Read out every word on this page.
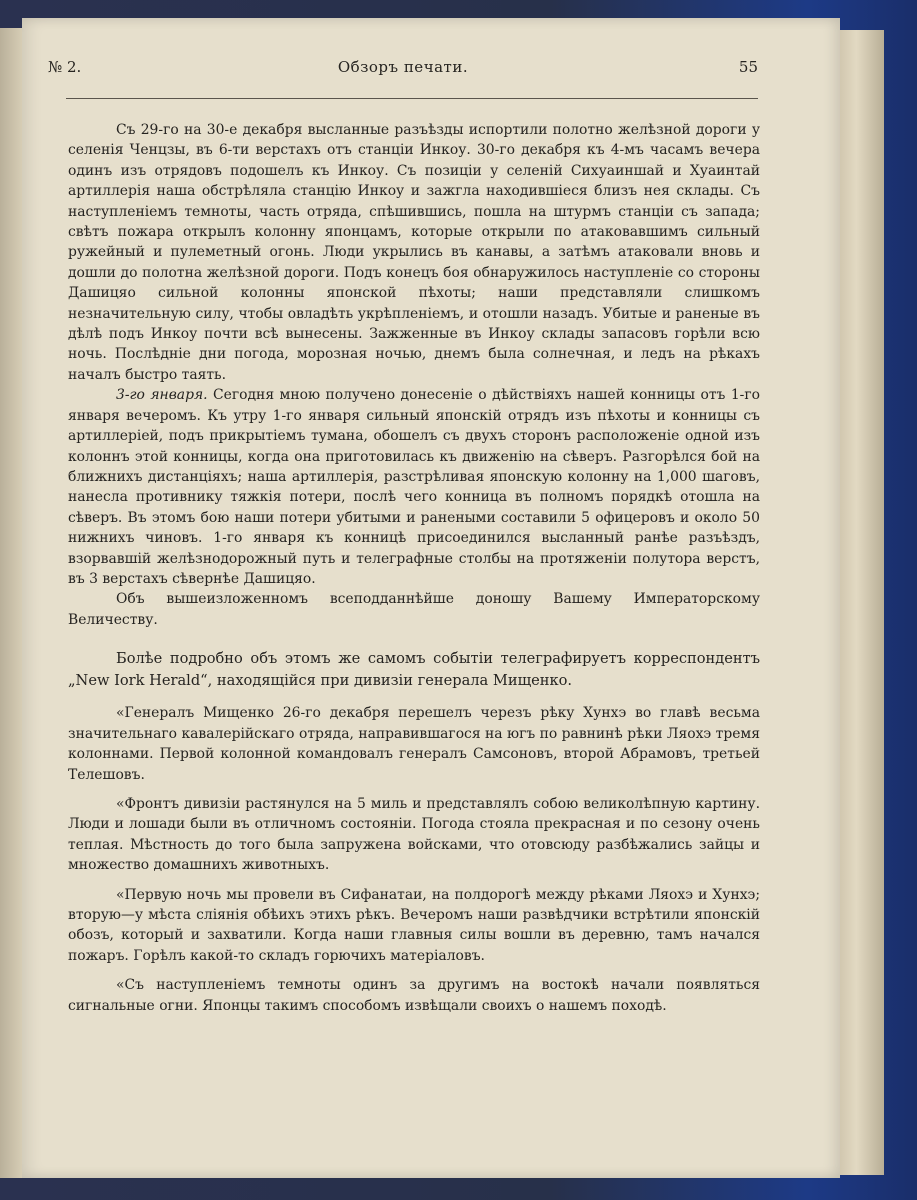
№ 2.	Обзоръ печати.	55

Съ 29-го на 30-е декабря высланные разъѣзды испортили полотно желѣзной дороги у селенія Ченцзы, въ 6-ти верстахъ отъ станціи Инкоу. 30-го декабря къ 4-мъ часамъ вечера одинъ изъ отрядовъ подошелъ къ Инкоу. Съ позиціи у селеній Сихуаиншай и Хуаинтай артиллерія наша обстрѣляла станцію Инкоу и зажгла находившіеся близъ нея склады. Съ наступленіемъ темноты, часть отряда, спѣшившись, пошла на штурмъ станціи съ запада; свѣтъ пожара открылъ колонну японцамъ, которые открыли по атаковавшимъ сильный ружейный и пулеметный огонь. Люди укрылись въ канавы, а затѣмъ атаковали вновь и дошли до полотна желѣзной дороги. Подъ конецъ боя обнаружилось наступленіе со стороны Дашицяо сильной колонны японской пѣхоты; наши представляли слишкомъ незначительную силу, чтобы овладѣть укрѣпленіемъ, и отошли назадъ. Убитые и раненые въ дѣлѣ подъ Инкоу почти всѣ вынесены. Зажженные въ Инкоу склады запасовъ горѣли всю ночь. Послѣдніе дни погода, морозная ночью, днемъ была солнечная, и ледъ на рѣкахъ началъ быстро таять.

3-го января. Сегодня мною получено донесеніе о дѣйствіяхъ нашей конницы отъ 1-го января вечеромъ. Къ утру 1-го января сильный японскій отрядъ изъ пѣхоты и конницы съ артиллеріей, подъ прикрытіемъ тумана, обошелъ съ двухъ сторонъ расположеніе одной изъ колоннъ этой конницы, когда она приготовилась къ движенію на сѣверъ. Разгорѣлся бой на ближнихъ дистанціяхъ; наша артиллерія, разстрѣливая японскую колонну на 1,000 шаговъ, нанесла противнику тяжкія потери, послѣ чего конница въ полномъ порядкѣ отошла на сѣверъ. Въ этомъ бою наши потери убитыми и ранеными составили 5 офицеровъ и около 50 нижнихъ чиновъ. 1-го января къ конницѣ присоединился высланный ранѣе разъѣздъ, взорвавшій желѣзнодорожный путь и телеграфные столбы на протяженіи полутора верстъ, въ 3 верстахъ сѣвернѣе Дашицяо.

Объ вышеизложенномъ всеподданнѣйше доношу Вашему Императорскому Величеству.

Болѣе подробно объ этомъ же самомъ событіи телеграфируетъ корреспондентъ „New Iork Herald“, находящійся при дивизіи генерала Мищенко.

«Генералъ Мищенко 26-го декабря перешелъ черезъ рѣку Хунхэ во главѣ весьма значительнаго кавалерійскаго отряда, направившагося на югъ по равнинѣ рѣки Ляохэ тремя колоннами. Первой колонной командовалъ генералъ Самсоновъ, второй Абрамовъ, третьей Телешовъ.

«Фронтъ дивизіи растянулся на 5 миль и представлялъ собою великолѣпную картину. Люди и лошади были въ отличномъ состояніи. Погода стояла прекрасная и по сезону очень теплая. Мѣстность до того была запружена войсками, что отовсюду разбѣжались зайцы и множество домашнихъ животныхъ.

«Первую ночь мы провели въ Сифанатаи, на полдорогѣ между рѣками Ляохэ и Хунхэ; вторую—у мѣста слiянія обѣихъ этихъ рѣкъ. Вечеромъ наши развѣдчики встрѣтили японскій обозъ, который и захватили. Когда наши главныя силы вошли въ деревню, тамъ начался пожаръ. Горѣлъ какой-то складъ горючихъ матеріаловъ.

«Съ наступленіемъ темноты одинъ за другимъ на востокѣ начали появляться сигнальные огни. Японцы такимъ способомъ извѣщали своихъ о нашемъ походѣ.
